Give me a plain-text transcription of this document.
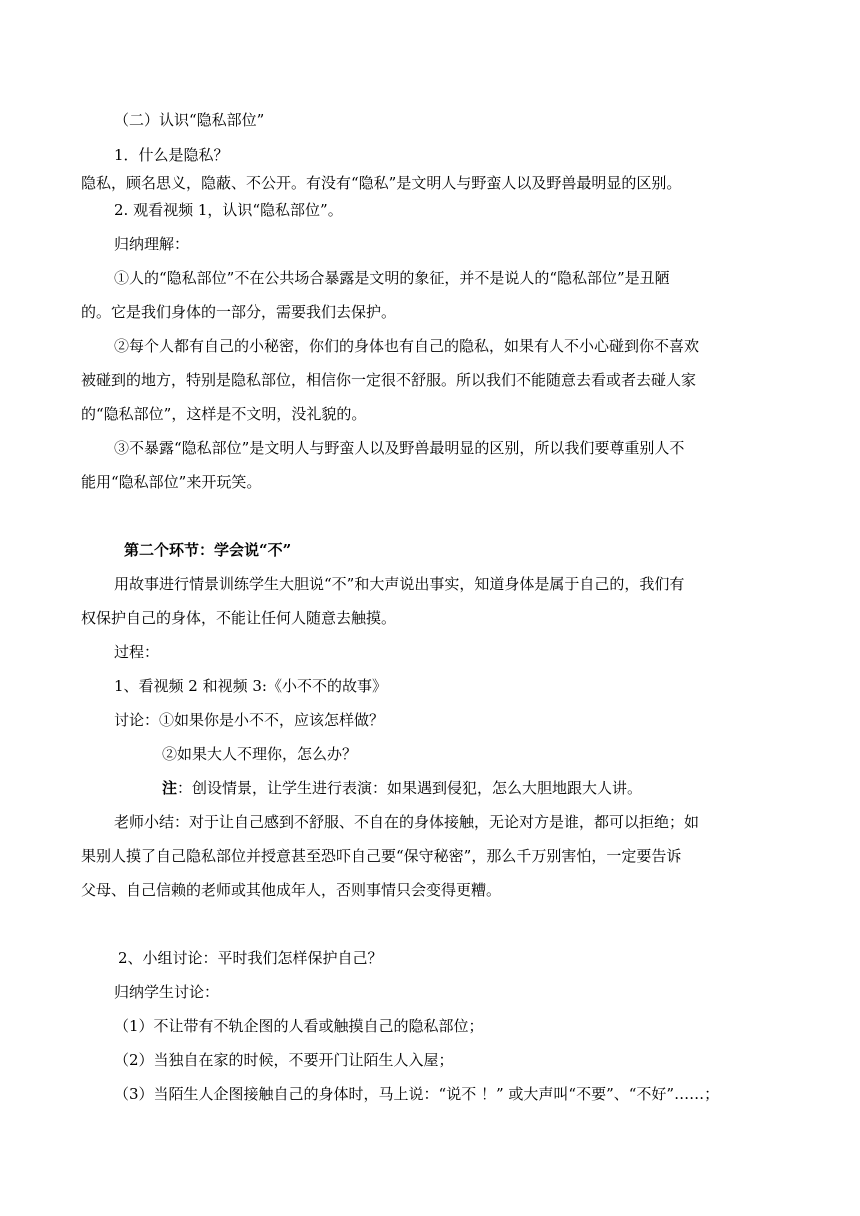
（二）认识“隐私部位”
1．什么是隐私？
隐私，顾名思义，隐蔽、不公开。有没有“隐私”是文明人与野蛮人以及野兽最明显的区别。
2. 观看视频 1，认识“隐私部位”。
归纳理解：
①人的“隐私部位”不在公共场合暴露是文明的象征，并不是说人的“隐私部位”是丑陋
的。它是我们身体的一部分，需要我们去保护。
②每个人都有自己的小秘密，你们的身体也有自己的隐私，如果有人不小心碰到你不喜欢
被碰到的地方，特别是隐私部位，相信你一定很不舒服。所以我们不能随意去看或者去碰人家
的“隐私部位”，这样是不文明，没礼貌的。
③不暴露“隐私部位”是文明人与野蛮人以及野兽最明显的区别，所以我们要尊重别人不
能用“隐私部位”来开玩笑。
第二个环节：学会说“不”
用故事进行情景训练学生大胆说“不”和大声说出事实，知道身体是属于自己的，我们有
权保护自己的身体，不能让任何人随意去触摸。
过程：
1、看视频 2 和视频 3:《小不不的故事》
讨论：①如果你是小不不，应该怎样做？
②如果大人不理你，怎么办？
注：创设情景，让学生进行表演：如果遇到侵犯，怎么大胆地跟大人讲。
老师小结：对于让自己感到不舒服、不自在的身体接触，无论对方是谁，都可以拒绝；如
果别人摸了自己隐私部位并授意甚至恐吓自己要“保守秘密”，那么千万别害怕，一定要告诉
父母、自己信赖的老师或其他成年人，否则事情只会变得更糟。
2、小组讨论：平时我们怎样保护自己？
归纳学生讨论：
（1）不让带有不轨企图的人看或触摸自己的隐私部位；
（2）当独自在家的时候，不要开门让陌生人入屋；
（3）当陌生人企图接触自己的身体时，马上说：“说不 ！” 或大声叫“不要”、“不好”……；
